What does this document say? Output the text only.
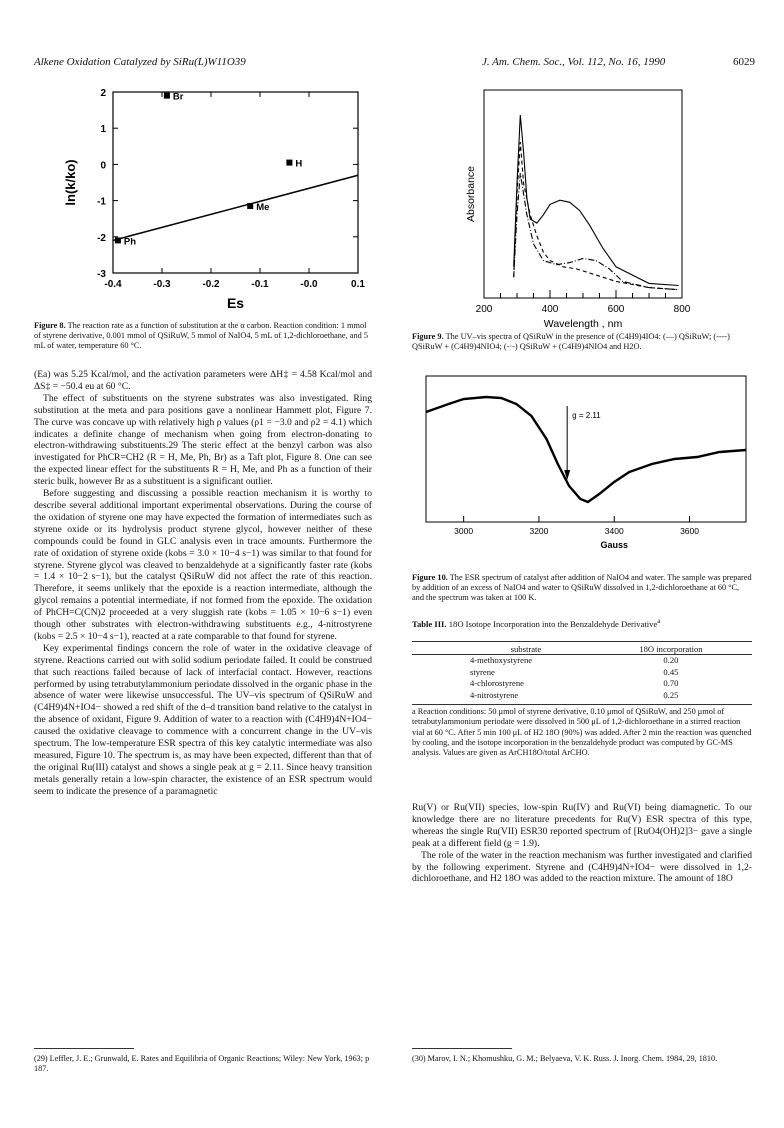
Alkene Oxidation Catalyzed by SiRu(L)W11O39	J. Am. Chem. Soc., Vol. 112, No. 16, 1990	6029
-0.4	-0.3	-0.2	-0.1	-0.0	0.1
2
1
0
-1
-2
-3
Br
H
Me
Ph
Es
ln(k/ko)
Figure 8. The reaction rate as a function of substitution at the α carbon. Reaction condition: 1 mmol of styrene derivative, 0.001 mmol of QSiRuW, 5 mmol of NaIO4, 5 mL of 1,2-dichloroethane, and 5 mL of water, temperature 60 °C.

(Ea) was 5.25 Kcal/mol, and the activation parameters were ΔH‡ = 4.58 Kcal/mol and ΔS‡ = −50.4 eu at 60 °C.

The effect of substituents on the styrene substrates was also investigated. Ring substitution at the meta and para positions gave a nonlinear Hammett plot, Figure 7. The curve was concave up with relatively high ρ values (ρ1 = −3.0 and ρ2 = 4.1) which indicates a definite change of mechanism when going from electron-donating to electron-withdrawing substituents.29 The steric effect at the benzyl carbon was also investigated for PhCR=CH2 (R = H, Me, Ph, Br) as a Taft plot, Figure 8. One can see the expected linear effect for the substituents R = H, Me, and Ph as a function of their steric bulk, however Br as a substituent is a significant outlier.

Before suggesting and discussing a possible reaction mechanism it is worthy to describe several additional important experimental observations. During the course of the oxidation of styrene one may have expected the formation of intermediates such as styrene oxide or its hydrolysis product styrene glycol, however neither of these compounds could be found in GLC analysis even in trace amounts. Furthermore the rate of oxidation of styrene oxide (kobs = 3.0 × 10−4 s−1) was similar to that found for styrene. Styrene glycol was cleaved to benzaldehyde at a significantly faster rate (kobs = 1.4 × 10−2 s−1), but the catalyst QSiRuW did not affect the rate of this reaction. Therefore, it seems unlikely that the epoxide is a reaction intermediate, although the glycol remains a potential intermediate, if not formed from the epoxide. The oxidation of PhCH=C(CN)2 proceeded at a very sluggish rate (kobs = 1.05 × 10−6 s−1) even though other substrates with electron-withdrawing substituents e.g., 4-nitrostyrene (kobs = 2.5 × 10−4 s−1), reacted at a rate comparable to that found for styrene.

Key experimental findings concern the role of water in the oxidative cleavage of styrene. Reactions carried out with solid sodium periodate failed. It could be construed that such reactions failed because of lack of interfacial contact. However, reactions performed by using tetrabutylammonium periodate dissolved in the organic phase in the absence of water were likewise unsuccessful. The UV–vis spectrum of QSiRuW and (C4H9)4N+IO4− showed a red shift of the d–d transition band relative to the catalyst in the absence of oxidant, Figure 9. Addition of water to a reaction with (C4H9)4N+IO4− caused the oxidative cleavage to commence with a concurrent change in the UV–vis spectrum. The low-temperature ESR spectra of this key catalytic intermediate was also measured, Figure 10. The spectrum is, as may have been expected, different than that of the original Ru(III) catalyst and shows a single peak at g = 2.11. Since heavy transition metals generally retain a low-spin character, the existence of an ESR spectrum would seem to indicate the presence of a paramagnetic

200	400	600	800
Wavelength , nm
Absorbance
Figure 9. The UV–vis spectra of QSiRuW in the presence of (C4H9)4IO4: (—) QSiRuW; (----) QSiRuW + (C4H9)4NIO4; (-·-) QSiRuW + (C4H9)4NIO4 and H2O.
3000	3200	3400	3600
g = 2.11
Gauss
Figure 10. The ESR spectrum of catalyst after addition of NaIO4 and water. The sample was prepared by addition of an excess of NaIO4 and water to QSiRuW dissolved in 1,2-dichloroethane at 60 °C, and the spectrum was taken at 100 K.
Table III. 18O Isotope Incorporation into the Benzaldehyde Derivative$^a$
substrate	18O incorporation
4-methoxystyrene	0.20
styrene	0.45
4-chlorostyrene	0.70
4-nitrostyrene	0.25
a Reaction conditions: 50 μmol of styrene derivative, 0.10 μmol of QSiRuW, and 250 μmol of tetrabutylammonium periodate were dissolved in 500 μL of 1,2-dichloroethane in a stirred reaction vial at 60 °C. After 5 min 100 μL of H2 18O (90%) was added. After 2 min the reaction was quenched by cooling, and the isotope incorporation in the benzaldehyde product was computed by GC-MS analysis. Values are given as ArCH18O/total ArCHO.

Ru(V) or Ru(VII) species, low-spin Ru(IV) and Ru(VI) being diamagnetic. To our knowledge there are no literature precedents for Ru(V) ESR spectra of this type, whereas the single Ru(VII) ESR30 reported spectrum of [RuO4(OH)2]3− gave a single peak at a different field (g = 1.9).

The role of the water in the reaction mechanism was further investigated and clarified by the following experiment. Styrene and (C4H9)4N+IO4− were dissolved in 1,2-dichloroethane, and H2 18O was added to the reaction mixture. The amount of 18O

(29) Leffler, J. E.; Grunwald, E. Rates and Equilibria of Organic Reactions; Wiley: New York, 1963; p 187.
(30) Marov, I. N.; Khomushku, G. M.; Belyaeva, V. K. Russ. J. Inorg. Chem. 1984, 29, 1810.
